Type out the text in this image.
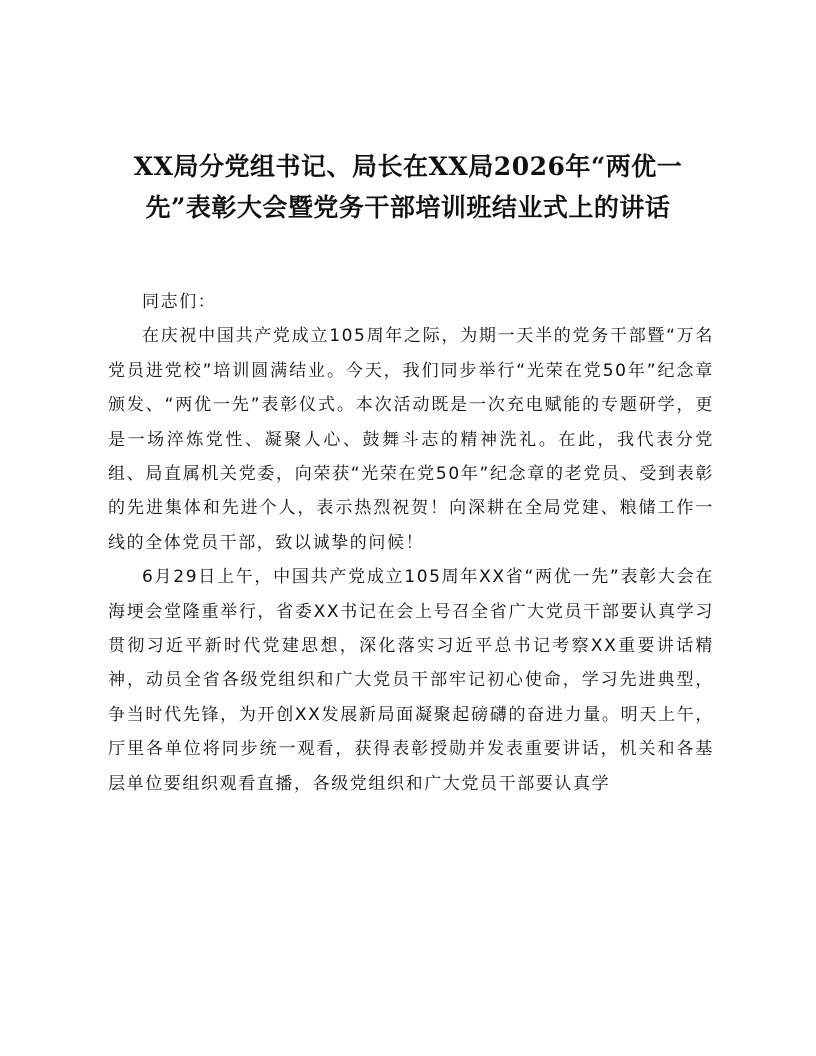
XX局分党组书记、局长在XX局2026年“两优一先”表彰大会暨党务干部培训班结业式上的讲话

同志们：

在庆祝中国共产党成立105周年之际，为期一天半的党务干部暨“万名党员进党校”培训圆满结业。今天，我们同步举行“光荣在党50年”纪念章颁发、“两优一先”表彰仪式。本次活动既是一次充电赋能的专题研学，更是一场淬炼党性、凝聚人心、鼓舞斗志的精神洗礼。在此，我代表分党组、局直属机关党委，向荣获“光荣在党50年”纪念章的老党员、受到表彰的先进集体和先进个人，表示热烈祝贺！向深耕在全局党建、粮储工作一线的全体党员干部，致以诚挚的问候！

6月29日上午，中国共产党成立105周年XX省“两优一先”表彰大会在海埂会堂隆重举行，省委XX书记在会上号召全省广大党员干部要认真学习贯彻习近平新时代党建思想，深化落实习近平总书记考察XX重要讲话精神，动员全省各级党组织和广大党员干部牢记初心使命，学习先进典型，争当时代先锋，为开创XX发展新局面凝聚起磅礴的奋进力量。明天上午，厅里各单位将同步统一观看，获得表彰授勋并发表重要讲话，机关和各基层单位要组织观看直播，各级党组织和广大党员干部要认真学
